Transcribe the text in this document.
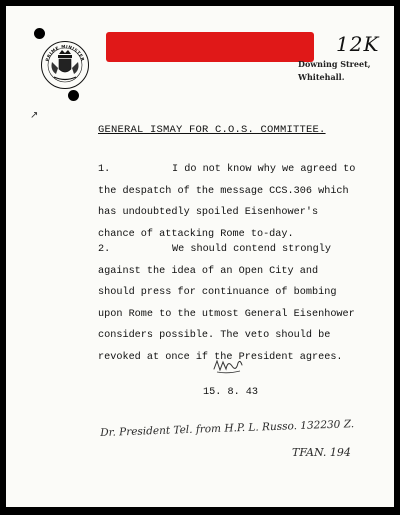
PRIME MINISTER
12K
Downing Street,
Whitehall.
↗
GENERAL ISMAY FOR C.O.S. COMMITTEE.
1.	I do not know why we agreed to the despatch of the message CCS.306 which has undoubtedly spoiled Eisenhower's chance of attacking Rome to-day.
2.	We should contend strongly against the idea of an Open City and should press for continuance of bombing upon Rome to the utmost General Eisenhower considers possible. The veto should be revoked at once if the President agrees.
15. 8. 43
Dr. President Tel. from H.P. L. Russo. 132230 Z.
TFAN. 194
